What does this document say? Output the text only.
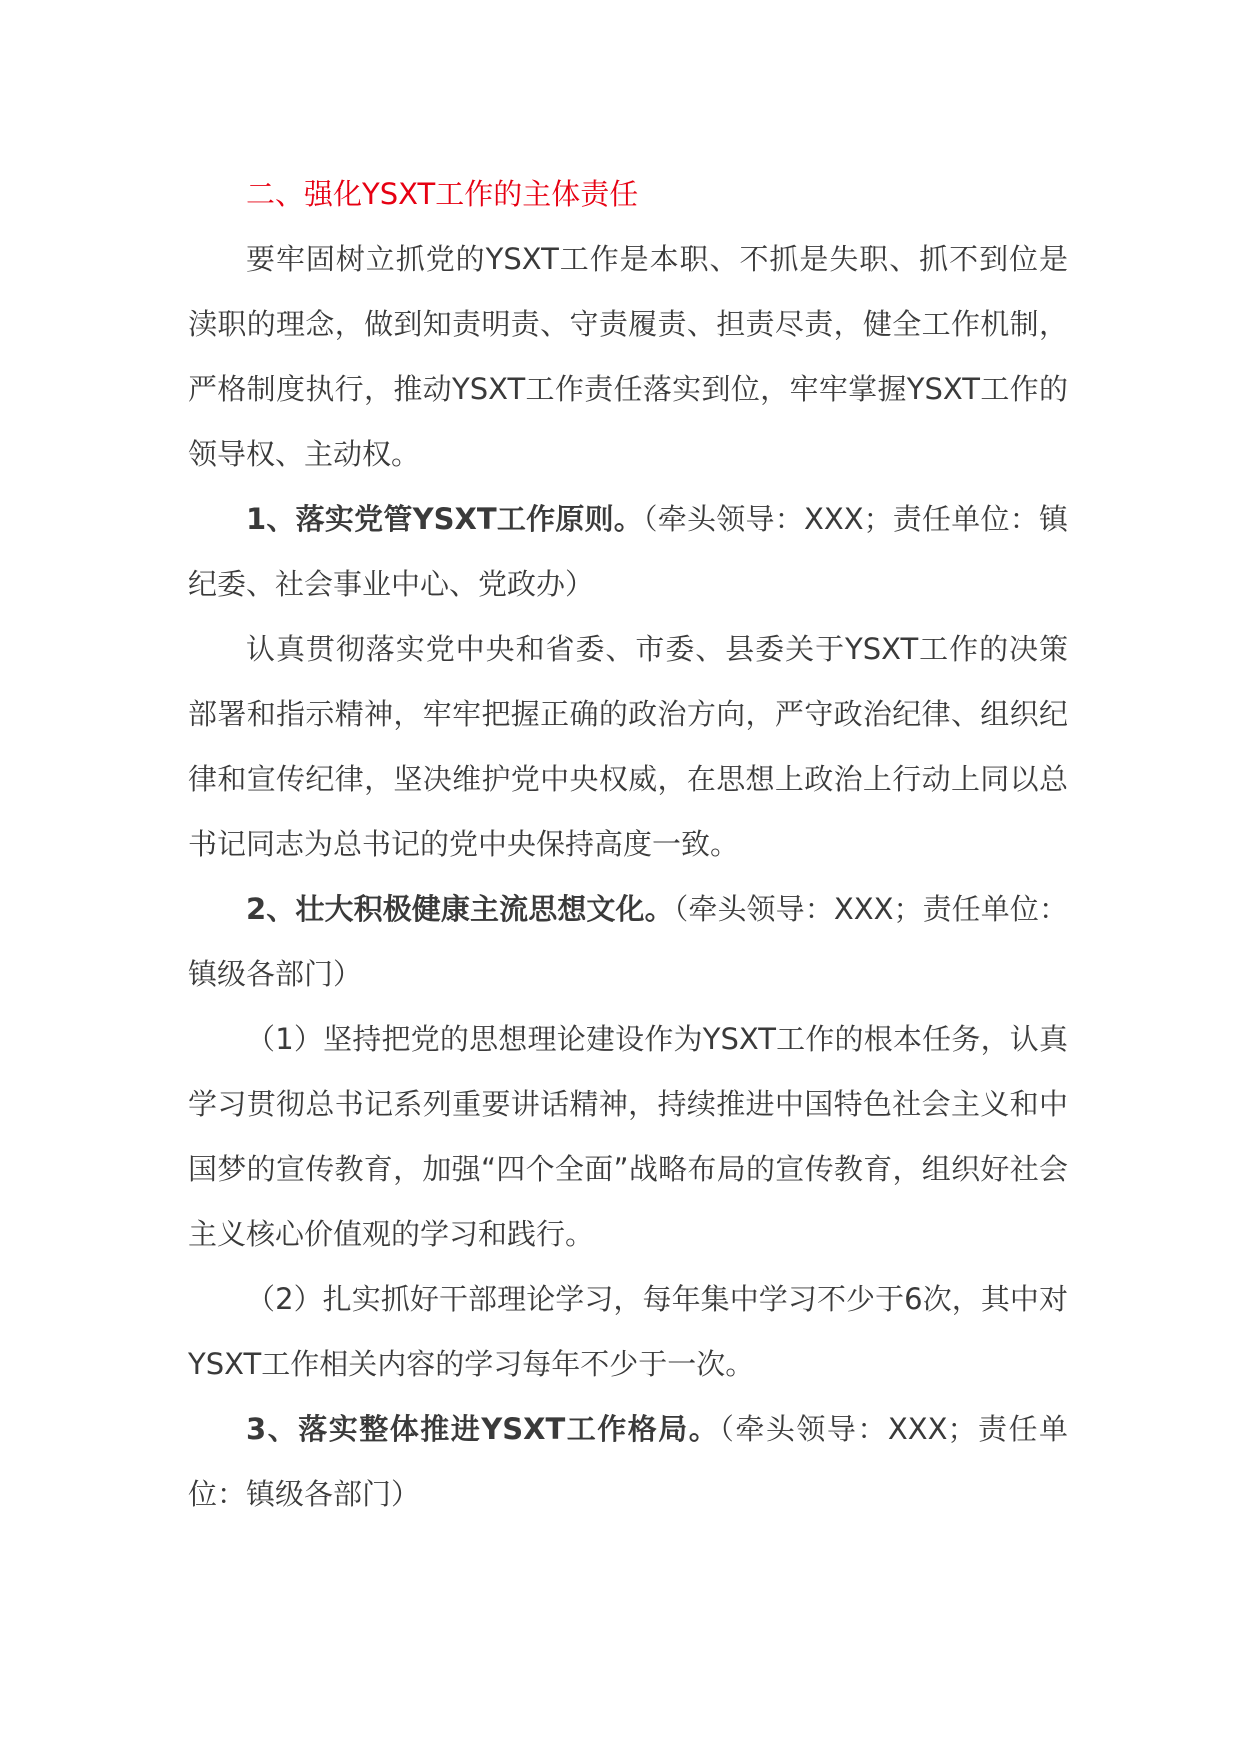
二、强化YSXT工作的主体责任

要牢固树立抓党的YSXT工作是本职、不抓是失职、抓不到位是渎职的理念，做到知责明责、守责履责、担责尽责，健全工作机制，严格制度执行，推动YSXT工作责任落实到位，牢牢掌握YSXT工作的领导权、主动权。

1、落实党管YSXT工作原则。（牵头领导：XXX；责任单位：镇纪委、社会事业中心、党政办）

认真贯彻落实党中央和省委、市委、县委关于YSXT工作的决策部署和指示精神，牢牢把握正确的政治方向，严守政治纪律、组织纪律和宣传纪律，坚决维护党中央权威，在思想上政治上行动上同以总书记同志为总书记的党中央保持高度一致。

2、壮大积极健康主流思想文化。（牵头领导：XXX；责任单位：镇级各部门）

（1）坚持把党的思想理论建设作为YSXT工作的根本任务，认真学习贯彻总书记系列重要讲话精神，持续推进中国特色社会主义和中国梦的宣传教育，加强“四个全面”战略布局的宣传教育，组织好社会主义核心价值观的学习和践行。

（2）扎实抓好干部理论学习，每年集中学习不少于6次，其中对YSXT工作相关内容的学习每年不少于一次。

3、落实整体推进YSXT工作格局。（牵头领导：XXX；责任单位：镇级各部门）
